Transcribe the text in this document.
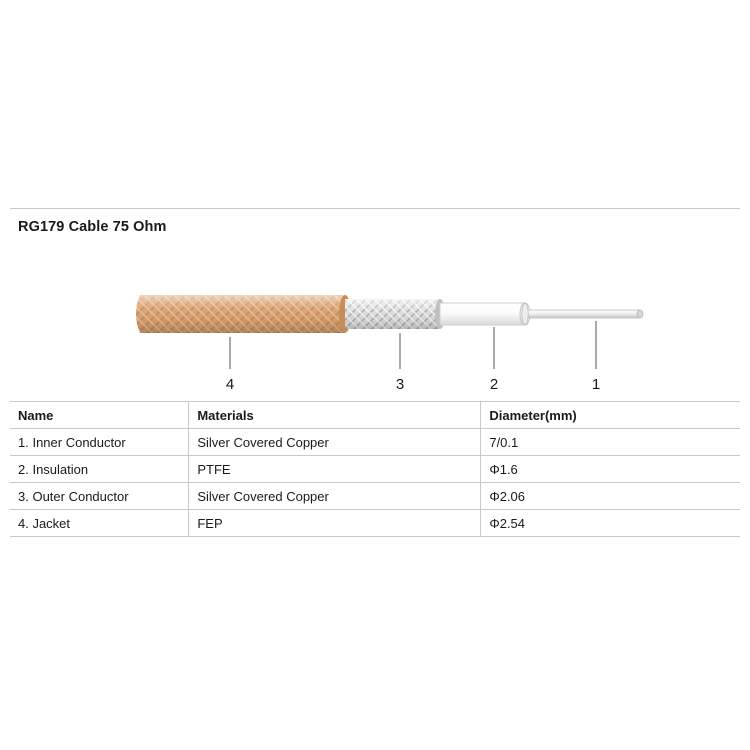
RG179 Cable 75 Ohm
4	3	2	1
Name	Materials	Diameter(mm)
1. Inner Conductor	Silver Covered Copper	7/0.1
2. Insulation	PTFE	Φ1.6
3. Outer Conductor	Silver Covered Copper	Φ2.06
4. Jacket	FEP	Φ2.54
